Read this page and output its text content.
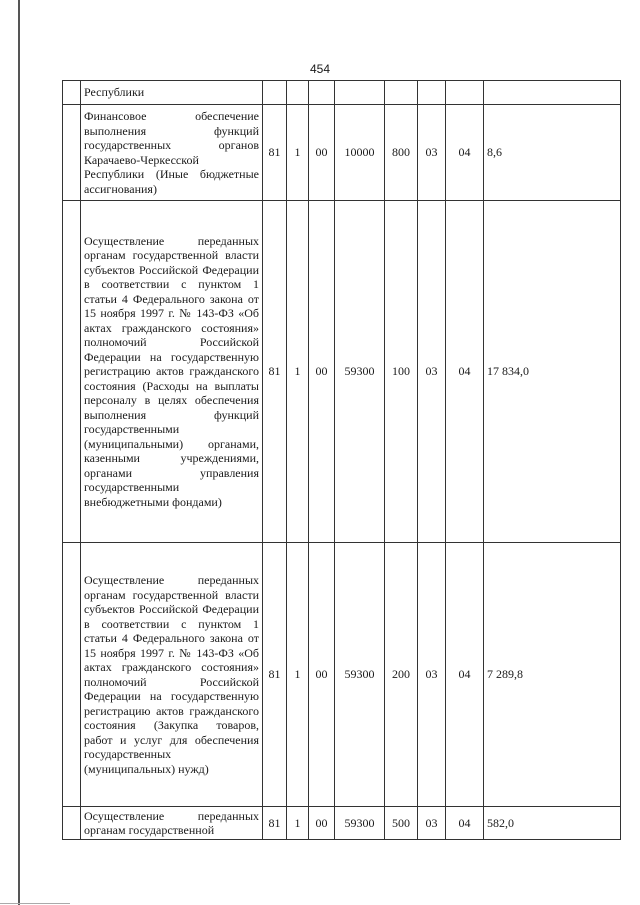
454
	Республики								
	Финансовое обеспечение выполнения функций государственных органов Карачаево-Черкесской Республики (Иные бюджетные ассигнования)	81	1	00	10000	800	03	04	8,6
	Осуществление переданных органам государственной власти субъектов Российской Федерации в соответствии с пунктом 1 статьи 4 Федерального закона от 15 ноября 1997 г. № 143-ФЗ «Об актах гражданского состояния» полномочий Российской Федерации на государственную регистрацию актов гражданского состояния (Расходы на выплаты персоналу в целях обеспечения выполнения функций государственными (муниципальными) органами, казенными учреждениями, органами управления государственными внебюджетными фондами)	81	1	00	59300	100	03	04	17 834,0
	Осуществление переданных органам государственной власти субъектов Российской Федерации в соответствии с пунктом 1 статьи 4 Федерального закона от 15 ноября 1997 г. № 143-ФЗ «Об актах гражданского состояния» полномочий Российской Федерации на государственную регистрацию актов гражданского состояния (Закупка товаров, работ и услуг для обеспечения государственных (муниципальных) нужд)	81	1	00	59300	200	03	04	7 289,8
	Осуществление переданных органам государственной	81	1	00	59300	500	03	04	582,0
